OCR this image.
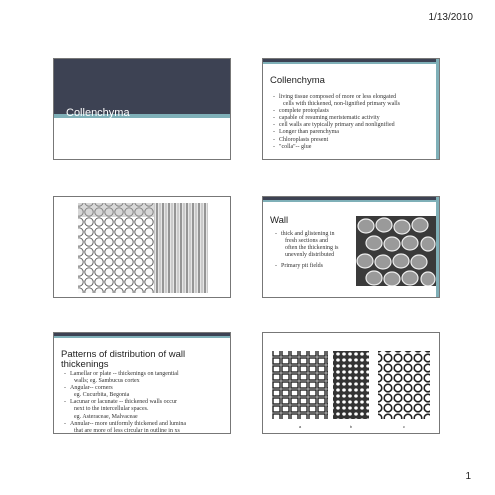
1/13/2010
Collenchyma
Collenchyma
- living tissue composed of more or less elongated
cells with thickened, non-lignified primary walls
- complete protoplasts
- capable of resuming meristematic activity
- cell walls are typically primary and nonlignified
- Longer than parenchyma
- Chloroplasts present
- "colla"-- glue
Wall
- thick and glistening in
fresh sections and
often the thickening is
unevenly distributed
- Primary pit fields
Patterns of distribution of wall
thickenings
- Lamellar or plate -- thickenings on tangential
walls; eg. Sambucus cortex
- Angular-- corners
eg. Cucurbita, Begonia
- Lacunar or lacunate -- thickened walls occur
next to the intercellular spaces.
eg. Asteraceae, Malvaceae
- Annular-- more uniformly thickened and lumina
that are more of less circular in outline in xs
a	b	c
1
